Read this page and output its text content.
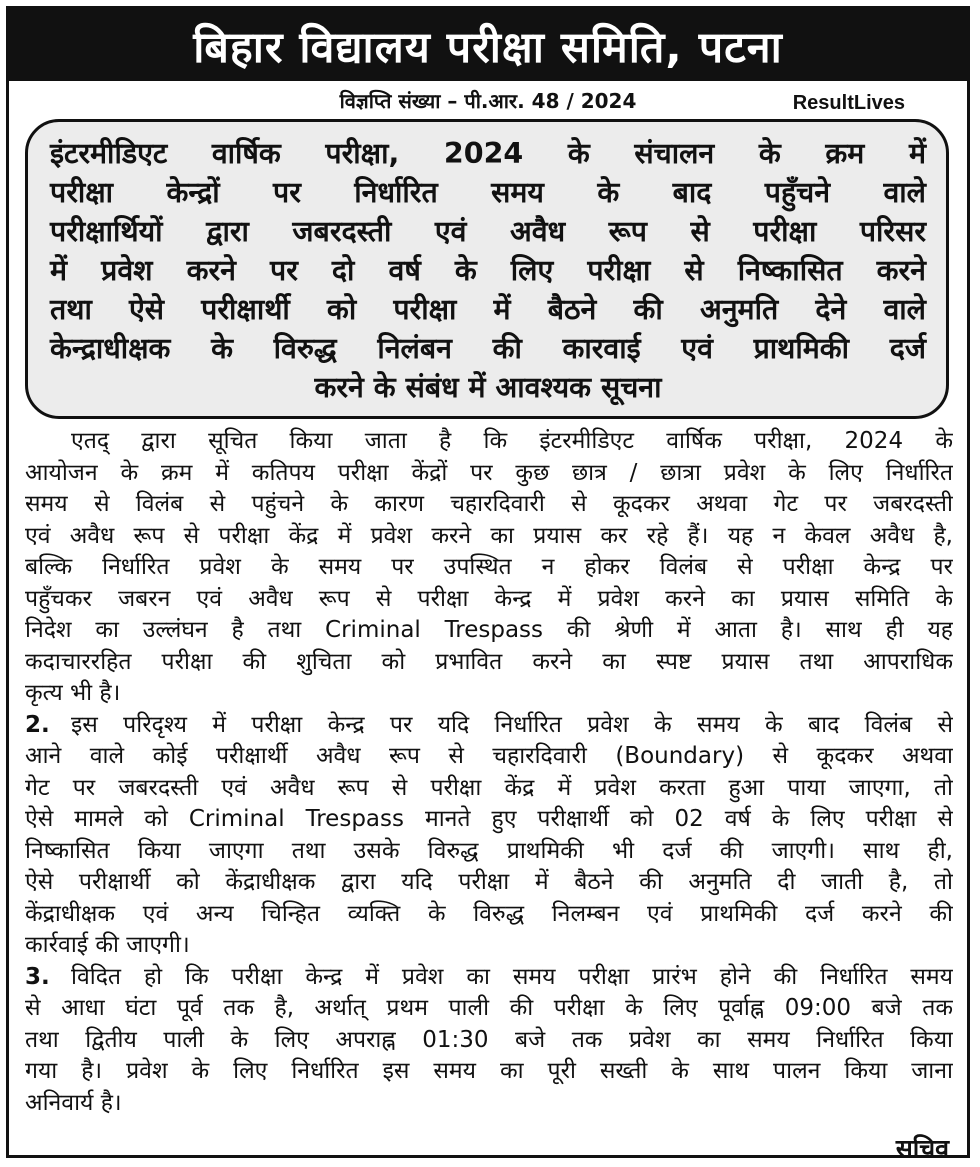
बिहार विद्यालय परीक्षा समिति, पटना
विज्ञप्ति संख्या – पी.आर. 48 / 2024	ResultLives
इंटरमीडिएट वार्षिक परीक्षा, 2024 के संचालन के क्रम में
परीक्षा केन्द्रों पर निर्धारित समय के बाद पहुँचने वाले
परीक्षार्थियों द्वारा जबरदस्ती एवं अवैध रूप से परीक्षा परिसर
में प्रवेश करने पर दो वर्ष के लिए परीक्षा से निष्कासित करने
तथा ऐसे परीक्षार्थी को परीक्षा में बैठने की अनुमति देने वाले
केन्द्राधीक्षक के विरुद्ध निलंबन की कारवाई एवं प्राथमिकी दर्ज
करने के संबंध में आवश्यक सूचना
एतद् द्वारा सूचित किया जाता है कि इंटरमीडिएट वार्षिक परीक्षा, 2024 के
आयोजन के क्रम में कतिपय परीक्षा केंद्रों पर कुछ छात्र / छात्रा प्रवेश के लिए निर्धारित
समय से विलंब से पहुंचने के कारण चहारदिवारी से कूदकर अथवा गेट पर जबरदस्ती
एवं अवैध रूप से परीक्षा केंद्र में प्रवेश करने का प्रयास कर रहे हैं। यह न केवल अवैध है,
बल्कि निर्धारित प्रवेश के समय पर उपस्थित न होकर विलंब से परीक्षा केन्द्र पर
पहुँचकर जबरन एवं अवैध रूप से परीक्षा केन्द्र में प्रवेश करने का प्रयास समिति के
निदेश का उल्लंघन है तथा Criminal Trespass की श्रेणी में आता है। साथ ही यह
कदाचाररहित परीक्षा की शुचिता को प्रभावित करने का स्पष्ट प्रयास तथा आपराधिक
कृत्य भी है।
2. इस परिदृश्य में परीक्षा केन्द्र पर यदि निर्धारित प्रवेश के समय के बाद विलंब से
आने वाले कोई परीक्षार्थी अवैध रूप से चहारदिवारी (Boundary) से कूदकर अथवा
गेट पर जबरदस्ती एवं अवैध रूप से परीक्षा केंद्र में प्रवेश करता हुआ पाया जाएगा, तो
ऐसे मामले को Criminal Trespass मानते हुए परीक्षार्थी को 02 वर्ष के लिए परीक्षा से
निष्कासित किया जाएगा तथा उसके विरुद्ध प्राथमिकी भी दर्ज की जाएगी। साथ ही,
ऐसे परीक्षार्थी को केंद्राधीक्षक द्वारा यदि परीक्षा में बैठने की अनुमति दी जाती है, तो
केंद्राधीक्षक एवं अन्य चिन्हित व्यक्ति के विरुद्ध निलम्बन एवं प्राथमिकी दर्ज करने की
कार्रवाई की जाएगी।
3. विदित हो कि परीक्षा केन्द्र में प्रवेश का समय परीक्षा प्रारंभ होने की निर्धारित समय
से आधा घंटा पूर्व तक है, अर्थात् प्रथम पाली की परीक्षा के लिए पूर्वाह्न 09:00 बजे तक
तथा द्वितीय पाली के लिए अपराह्न 01:30 बजे तक प्रवेश का समय निर्धारित किया
गया है। प्रवेश के लिए निर्धारित इस समय का पूरी सख्ती के साथ पालन किया जाना
अनिवार्य है।
सचिव
